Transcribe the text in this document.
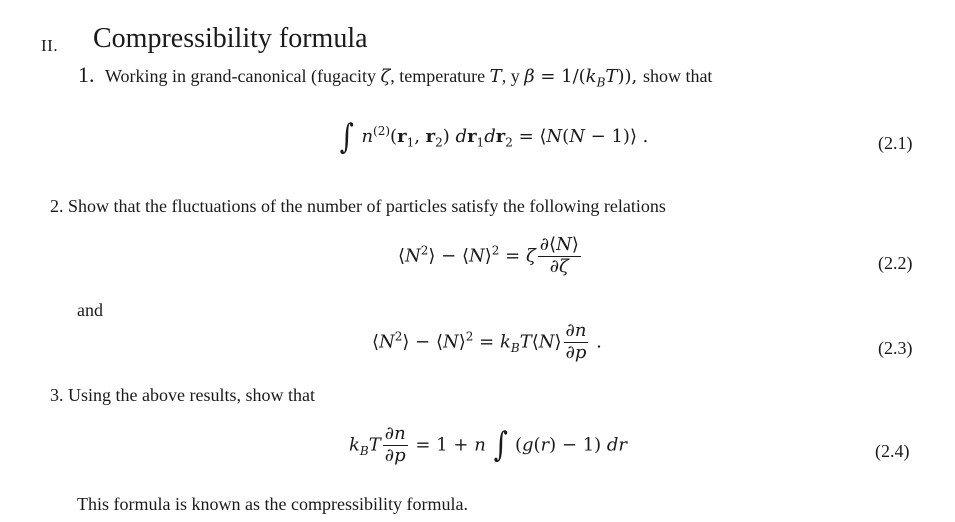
II. Compressibility formula
1. Working in grand-canonical (fugacity ζ, temperature T, y $\beta = 1/(k_BT)$), show that
∫ $n^{(2)}(r_1$, $r_2$) $dr_1dr_2$ = ⟨N(N − 1)⟩ .	(2.1)
2. Show that the fluctuations of the number of particles satisfy the following relations
$⟨N^2⟩$ − ⟨N⟩$^2$ = ζ $\frac{\partial⟨N⟩}{\partial\zeta}$	(2.2)
and
$⟨N^2⟩$ − ⟨N⟩$^2$ = $k_BT⟨N⟩ \frac{\partial n}{\partial p}$ .	(2.3)
3. Using the above results, show that
$k_BT \frac{\partial n}{\partial p} = 1 + n$ ∫ (g(r) − 1) dr	(2.4)
This formula is known as the compressibility formula.
